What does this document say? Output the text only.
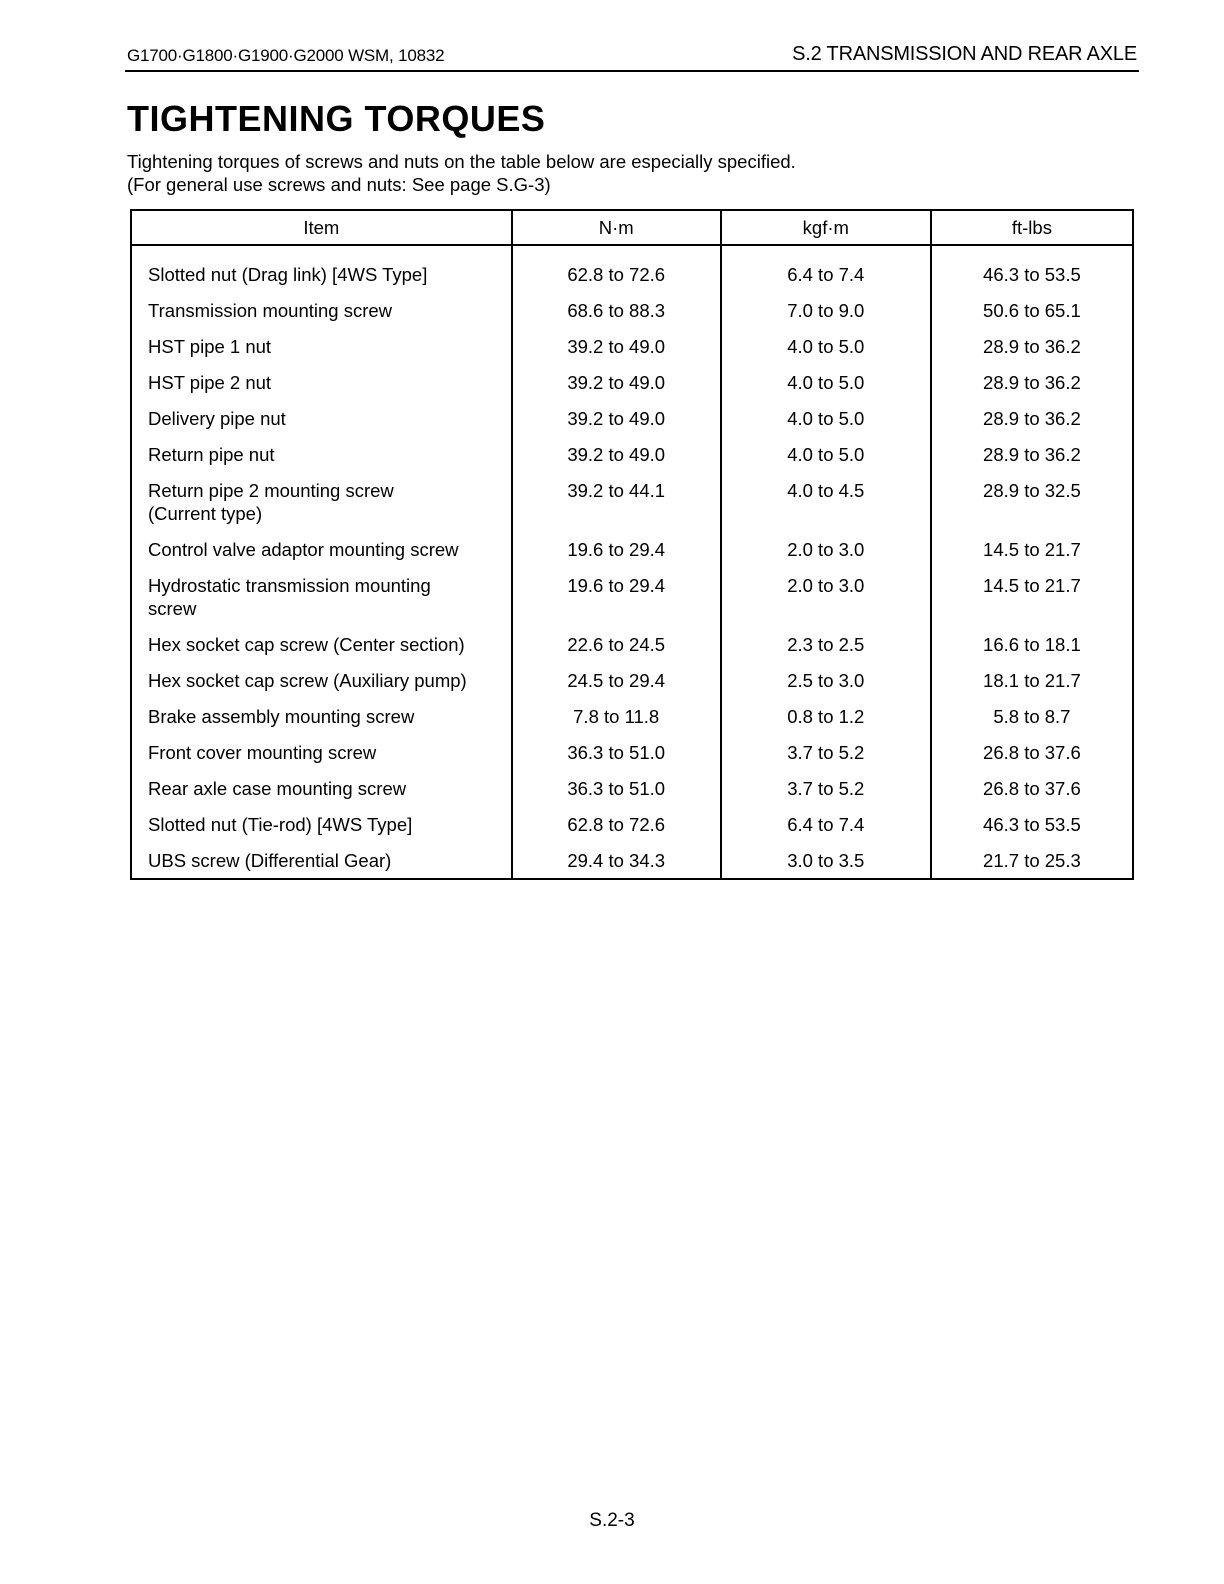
G1700·G1800·G1900·G2000 WSM, 10832	S.2 TRANSMISSION AND REAR AXLE
TIGHTENING TORQUES
Tightening torques of screws and nuts on the table below are especially specified.
(For general use screws and nuts: See page S.G-3)
Item	N·m	kgf·m	ft-lbs

Slotted nut (Drag link) [4WS Type]	62.8 to 72.6	6.4 to 7.4	46.3 to 53.5

Transmission mounting screw	68.6 to 88.3	7.0 to 9.0	50.6 to 65.1

HST pipe 1 nut	39.2 to 49.0	4.0 to 5.0	28.9 to 36.2

HST pipe 2 nut	39.2 to 49.0	4.0 to 5.0	28.9 to 36.2

Delivery pipe nut	39.2 to 49.0	4.0 to 5.0	28.9 to 36.2

Return pipe nut	39.2 to 49.0	4.0 to 5.0	28.9 to 36.2

Return pipe 2 mounting screw
(Current type)	39.2 to 44.1	4.0 to 4.5	28.9 to 32.5

Control valve adaptor mounting screw	19.6 to 29.4	2.0 to 3.0	14.5 to 21.7

Hydrostatic transmission mounting
screw	19.6 to 29.4	2.0 to 3.0	14.5 to 21.7

Hex socket cap screw (Center section)	22.6 to 24.5	2.3 to 2.5	16.6 to 18.1

Hex socket cap screw (Auxiliary pump)	24.5 to 29.4	2.5 to 3.0	18.1 to 21.7

Brake assembly mounting screw	7.8 to 11.8	0.8 to 1.2	5.8 to 8.7

Front cover mounting screw	36.3 to 51.0	3.7 to 5.2	26.8 to 37.6

Rear axle case mounting screw	36.3 to 51.0	3.7 to 5.2	26.8 to 37.6

Slotted nut (Tie-rod) [4WS Type]	62.8 to 72.6	6.4 to 7.4	46.3 to 53.5

UBS screw (Differential Gear)	29.4 to 34.3	3.0 to 3.5	21.7 to 25.3
S.2-3
